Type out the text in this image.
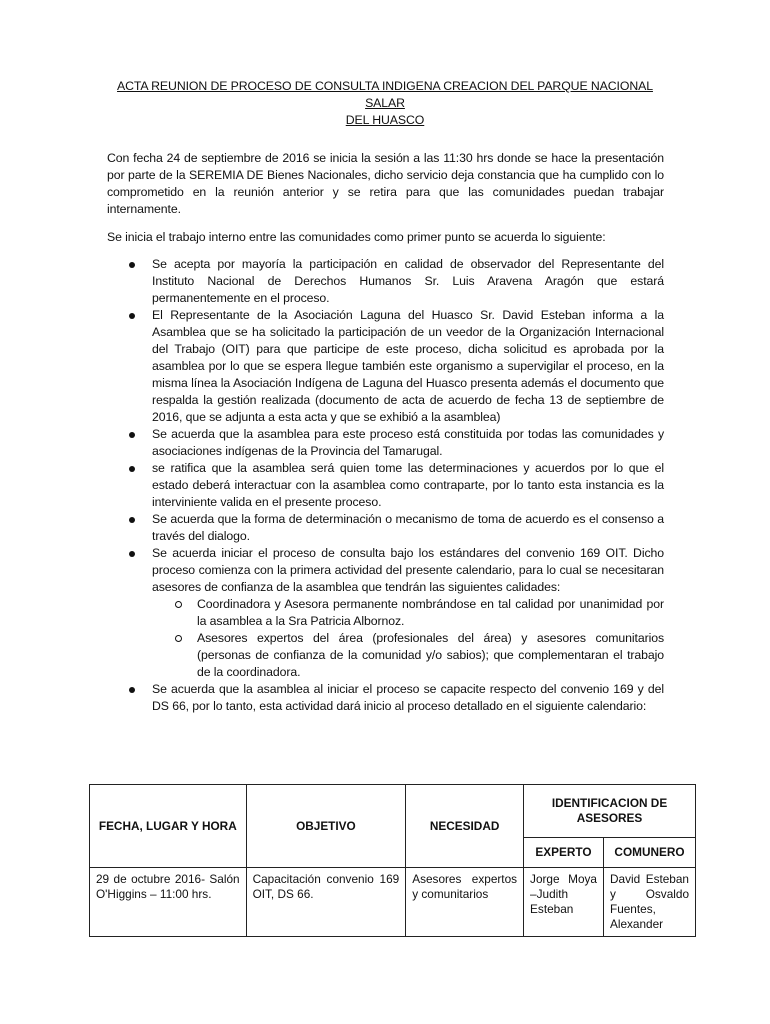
ACTA REUNION DE PROCESO DE CONSULTA INDIGENA CREACION DEL PARQUE NACIONAL SALAR
DEL HUASCO

Con fecha 24 de septiembre de 2016 se inicia la sesión a las 11:30 hrs donde se hace la presentación por parte de la SEREMIA DE Bienes Nacionales, dicho servicio deja constancia que ha cumplido con lo comprometido en la reunión anterior y se retira para que las comunidades puedan trabajar internamente.

Se inicia el trabajo interno entre las comunidades como primer punto se acuerda lo siguiente:

Se acepta por mayoría la participación en calidad de observador del Representante del Instituto Nacional de Derechos Humanos Sr. Luis Aravena Aragón que estará permanentemente en el proceso.
El Representante de la Asociación Laguna del Huasco Sr. David Esteban informa a la Asamblea que se ha solicitado la participación de un veedor de la Organización Internacional del Trabajo (OIT) para que participe de este proceso, dicha solicitud es aprobada por la asamblea por lo que se espera llegue también este organismo a supervigilar el proceso, en la misma línea la Asociación Indígena de Laguna del Huasco presenta además el documento que respalda la gestión realizada (documento de acta de acuerdo de fecha 13 de septiembre de 2016, que se adjunta a esta acta y que se exhibió a la asamblea)
Se acuerda que la asamblea para este proceso está constituida por todas las comunidades y asociaciones indígenas de la Provincia del Tamarugal.
se ratifica que la asamblea será quien tome las determinaciones y acuerdos por lo que el estado deberá interactuar con la asamblea como contraparte, por lo tanto esta instancia es la interviniente valida en el presente proceso.
Se acuerda que la forma de determinación o mecanismo de toma de acuerdo es el consenso a través del dialogo.
Se acuerda iniciar el proceso de consulta bajo los estándares del convenio 169 OIT. Dicho proceso comienza con la primera actividad del presente calendario, para lo cual se necesitaran asesores de confianza de la asamblea que tendrán las siguientes calidades:
Coordinadora y Asesora permanente nombrándose en tal calidad por unanimidad por la asamblea a la Sra Patricia Albornoz.
Asesores expertos del área (profesionales del área) y asesores comunitarios (personas de confianza de la comunidad y/o sabios); que complementaran el trabajo de la coordinadora.
Se acuerda que la asamblea al iniciar el proceso se capacite respecto del convenio 169 y del DS 66, por lo tanto, esta actividad dará inicio al proceso detallado en el siguiente calendario:
FECHA, LUGAR Y HORA	OBJETIVO	NECESIDAD	IDENTIFICACION DE ASESORES	
			EXPERTO	COMUNERO
29 de octubre 2016- Salón O'Higgins – 11:00 hrs.	Capacitación convenio 169 OIT, DS 66.	Asesores expertos y comunitarios	Jorge Moya –Judith Esteban	David Esteban y Osvaldo Fuentes, Alexander
